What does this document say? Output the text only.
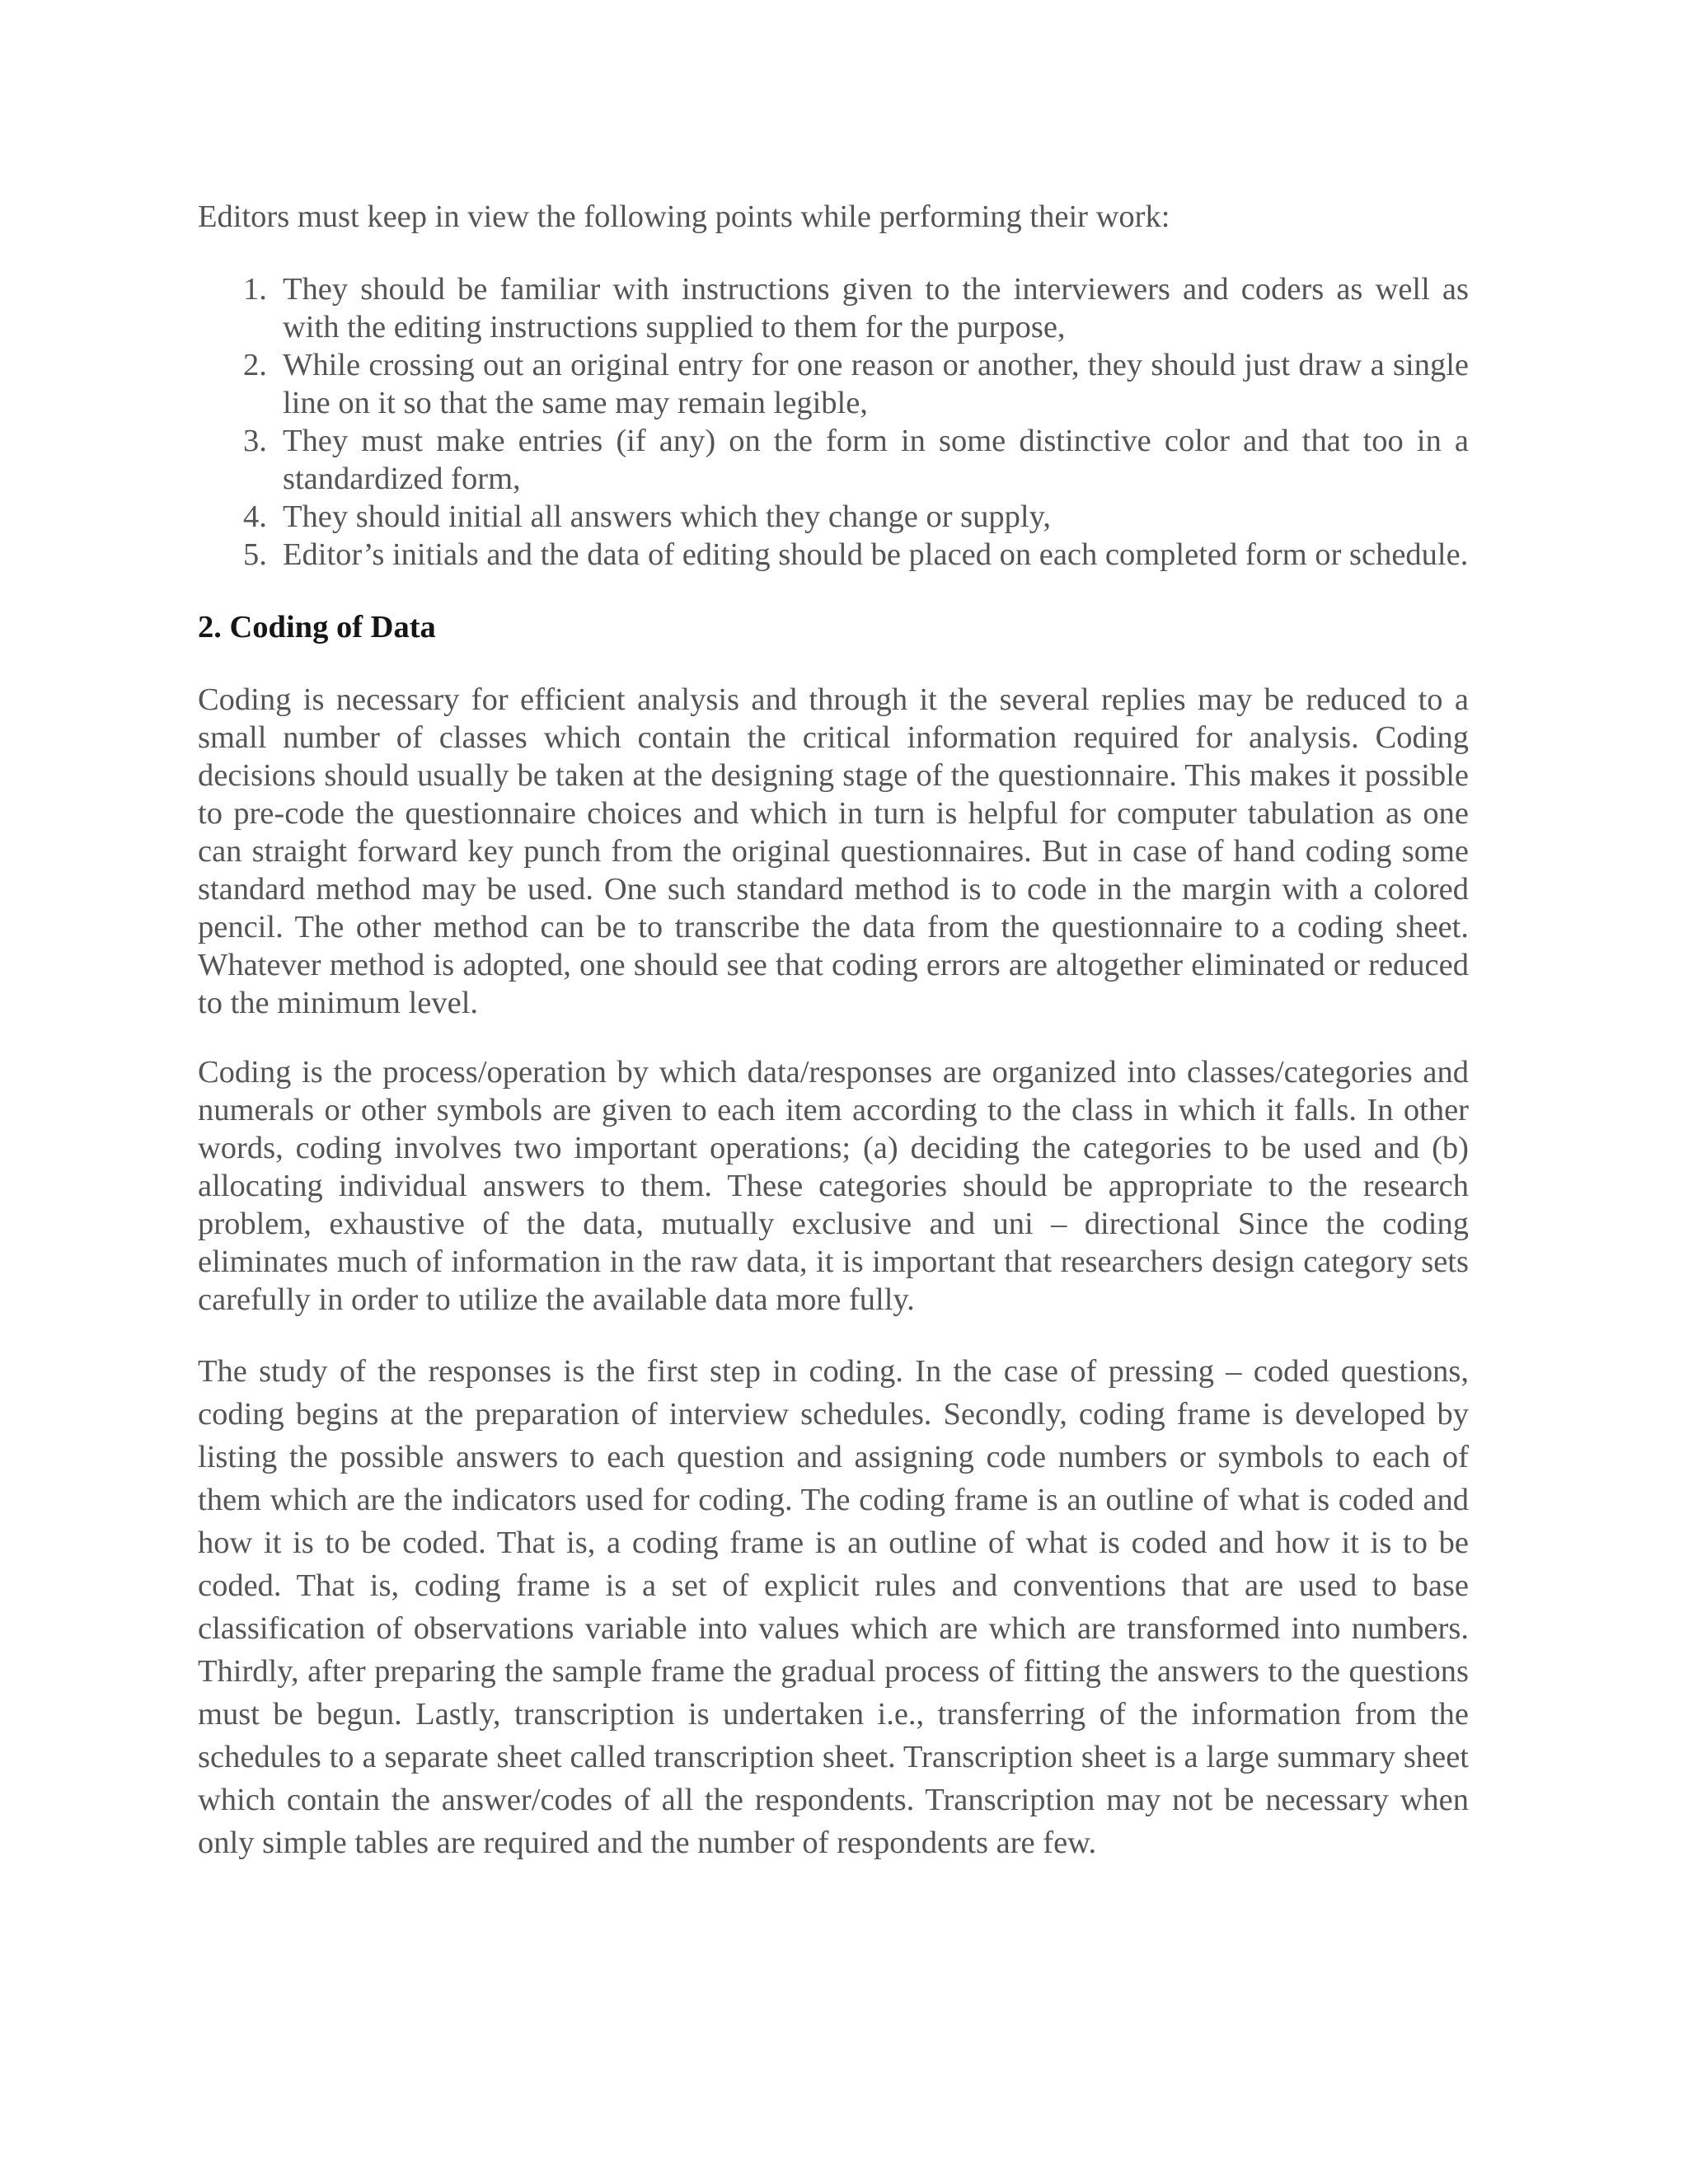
Editors must keep in view the following points while performing their work:

1. They should be familiar with instructions given to the interviewers and coders as well as with the editing instructions supplied to them for the purpose,
2. While crossing out an original entry for one reason or another, they should just draw a single line on it so that the same may remain legible,
3. They must make entries (if any) on the form in some distinctive color and that too in a standardized form,
4. They should initial all answers which they change or supply,
5. Editor’s initials and the data of editing should be placed on each completed form or schedule.
2. Coding of Data

Coding is necessary for efficient analysis and through it the several replies may be reduced to a small number of classes which contain the critical information required for analysis. Coding decisions should usually be taken at the designing stage of the questionnaire. This makes it possible to pre-code the questionnaire choices and which in turn is helpful for computer tabulation as one can straight forward key punch from the original questionnaires. But in case of hand coding some standard method may be used. One such standard method is to code in the margin with a colored pencil. The other method can be to transcribe the data from the questionnaire to a coding sheet. Whatever method is adopted, one should see that coding errors are altogether eliminated or reduced to the minimum level.

Coding is the process/operation by which data/responses are organized into classes/categories and numerals or other symbols are given to each item according to the class in which it falls. In other words, coding involves two important operations; (a) deciding the categories to be used and (b) allocating individual answers to them. These categories should be appropriate to the research problem, exhaustive of the data, mutually exclusive and uni – directional Since the coding eliminates much of information in the raw data, it is important that researchers design category sets carefully in order to utilize the available data more fully.

The study of the responses is the first step in coding. In the case of pressing – coded questions, coding begins at the preparation of interview schedules. Secondly, coding frame is developed by listing the possible answers to each question and assigning code numbers or symbols to each of them which are the indicators used for coding. The coding frame is an outline of what is coded and how it is to be coded. That is, a coding frame is an outline of what is coded and how it is to be coded. That is, coding frame is a set of explicit rules and conventions that are used to base classification of observations variable into values which are which are transformed into numbers. Thirdly, after preparing the sample frame the gradual process of fitting the answers to the questions must be begun. Lastly, transcription is undertaken i.e., transferring of the information from the schedules to a separate sheet called transcription sheet. Transcription sheet is a large summary sheet which contain the answer/codes of all the respondents. Transcription may not be necessary when only simple tables are required and the number of respondents are few.
